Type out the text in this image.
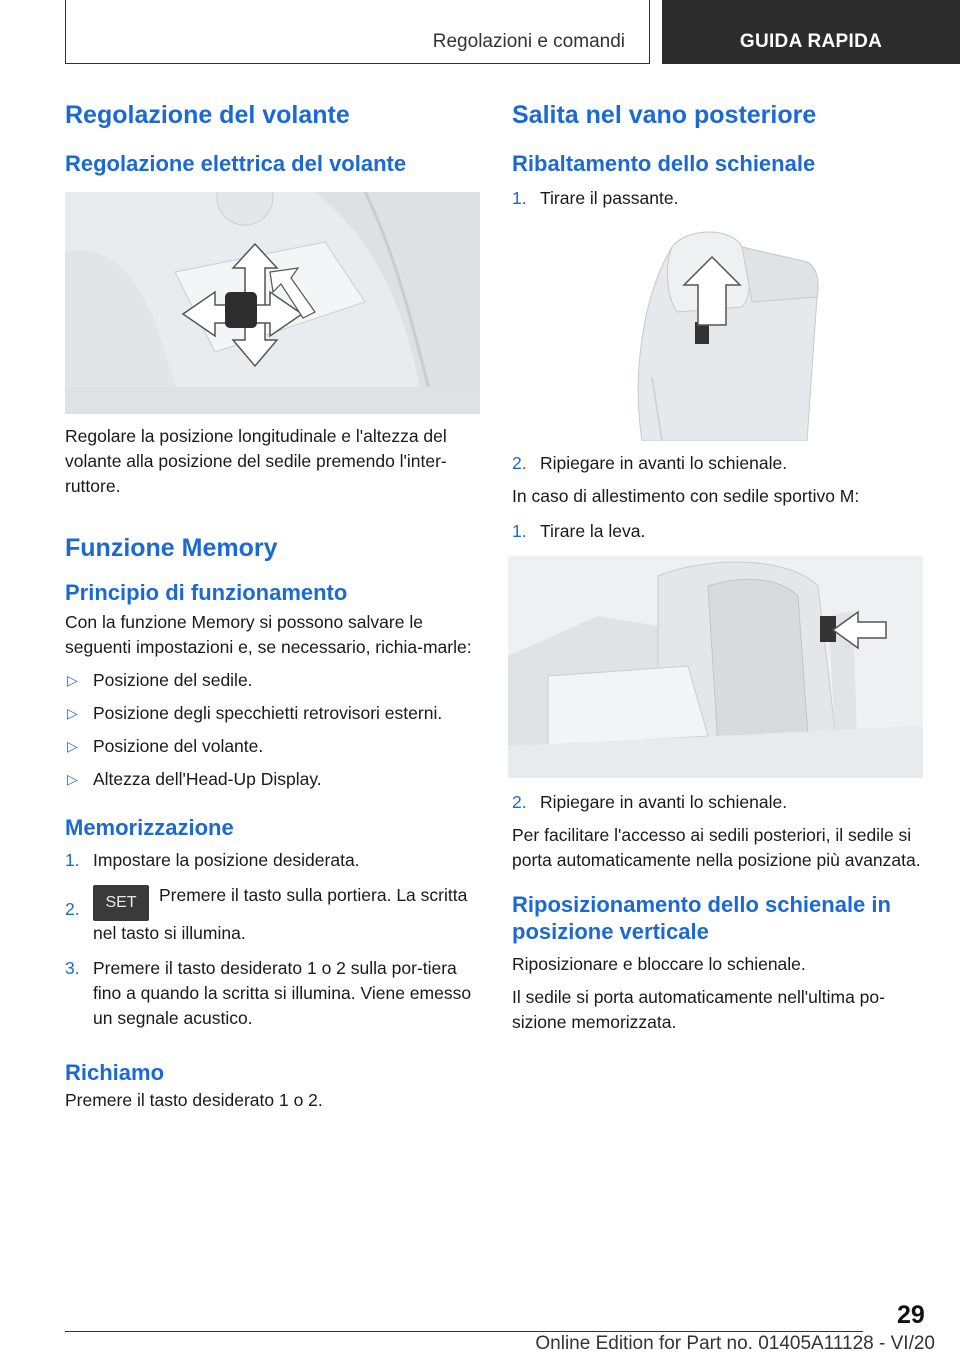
Regolazioni e comandi	GUIDA RAPIDA
Regolazione del volante
Regolazione elettrica del volante

Regolare la posizione longitudinale e l'altezza del volante alla posizione del sedile premendo l'inter-ruttore.

Funzione Memory
Principio di funzionamento

Con la funzione Memory si possono salvare le seguenti impostazioni e, se necessario, richia-marle:

▷ Posizione del sedile.
▷ Posizione degli specchietti retrovisori esterni.
▷ Posizione del volante.
▷ Altezza dell'Head-Up Display.
Memorizzazione
1. Impostare la posizione desiderata.
2. SET Premere il tasto sulla portiera. La scritta nel tasto si illumina.
3. Premere il tasto desiderato 1 o 2 sulla por-tiera fino a quando la scritta si illumina. Viene emesso un segnale acustico.
Richiamo

Premere il tasto desiderato 1 o 2.

Salita nel vano posteriore
Ribaltamento dello schienale
1. Tirare il passante.
2. Ripiegare in avanti lo schienale.

In caso di allestimento con sedile sportivo M:

1. Tirare la leva.
2. Ripiegare in avanti lo schienale.

Per facilitare l'accesso ai sedili posteriori, il sedile si porta automaticamente nella posizione più avanzata.

Riposizionamento dello schienale in posizione verticale

Riposizionare e bloccare lo schienale.

Il sedile si porta automaticamente nell'ultima po-sizione memorizzata.

29
Online Edition for Part no. 01405A11128 - VI/20
